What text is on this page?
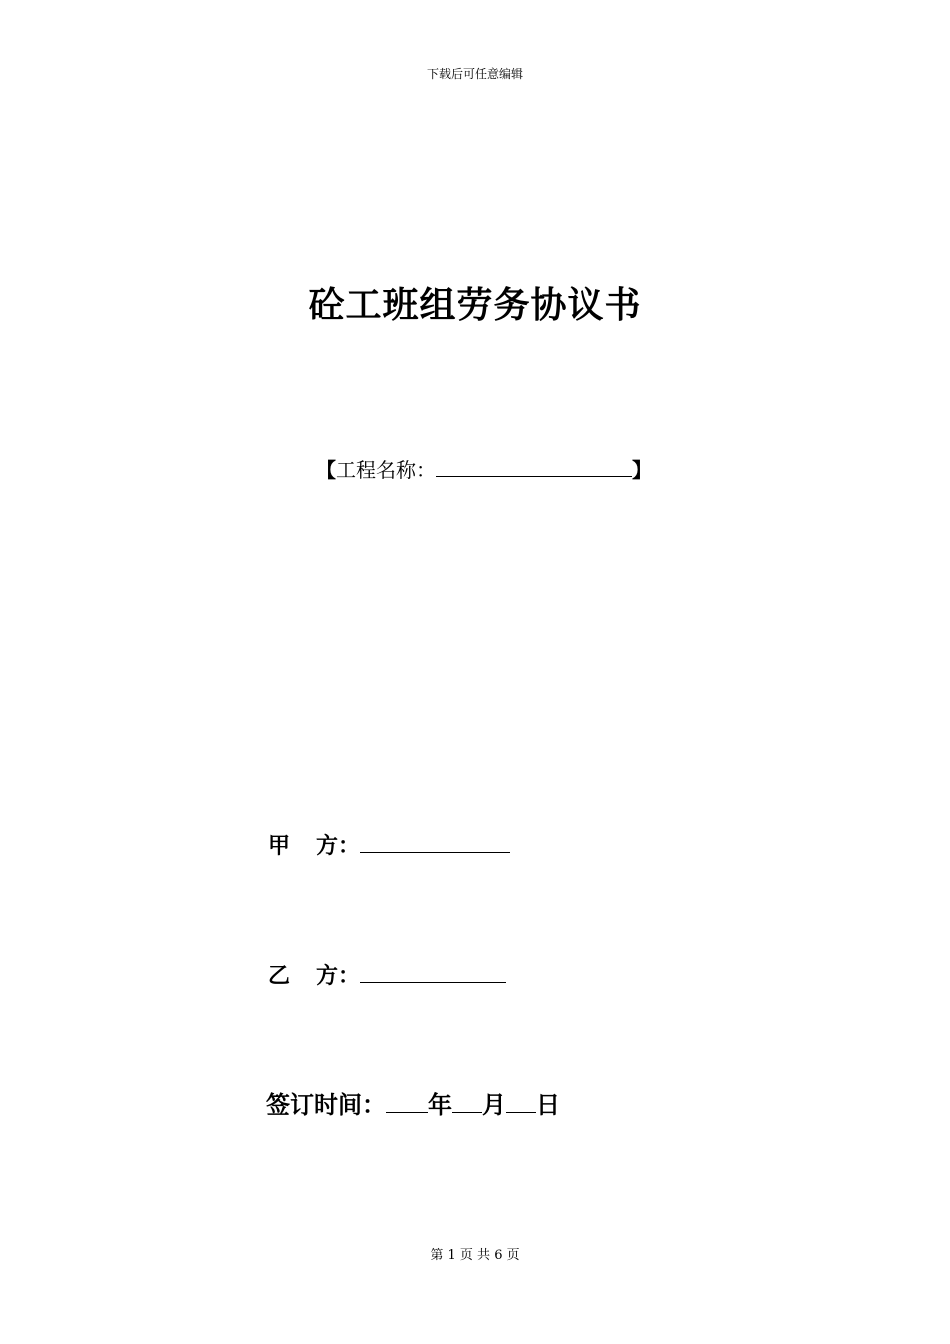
下载后可任意编辑
砼工班组劳务协议书
【工程名称：	】
甲 方：
乙 方：
签订时间： 年 月 日
第 1 页 共 6 页
